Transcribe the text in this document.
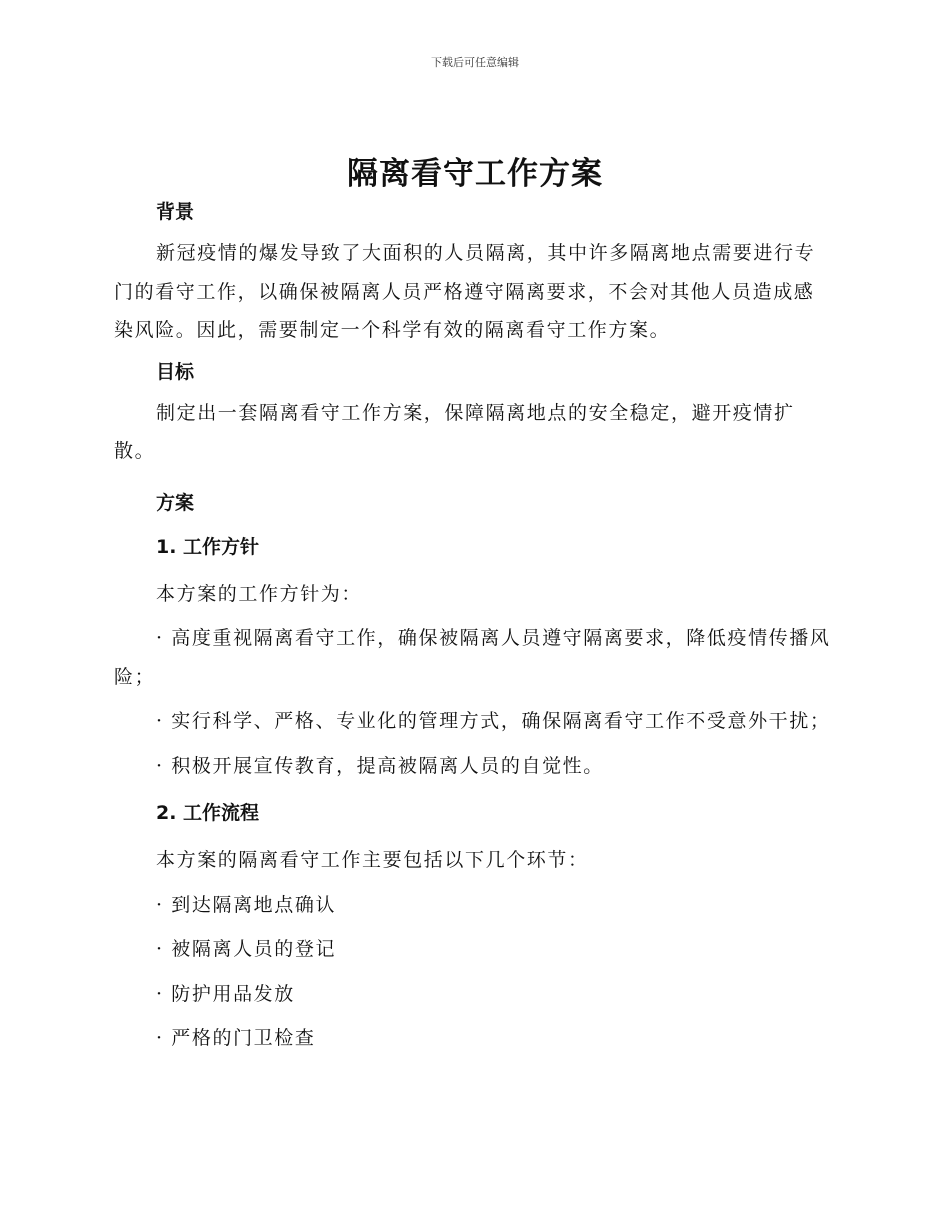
下载后可任意编辑
隔离看守工作方案
背景

新冠疫情的爆发导致了大面积的人员隔离，其中许多隔离地点需要进行专门的看守工作，以确保被隔离人员严格遵守隔离要求，不会对其他人员造成感染风险。因此，需要制定一个科学有效的隔离看守工作方案。

目标

制定出一套隔离看守工作方案，保障隔离地点的安全稳定，避开疫情扩散。

方案
1. 工作方针

本方案的工作方针为：

· 高度重视隔离看守工作，确保被隔离人员遵守隔离要求，降低疫情传播风险；

· 实行科学、严格、专业化的管理方式，确保隔离看守工作不受意外干扰；

· 积极开展宣传教育，提高被隔离人员的自觉性。

2. 工作流程

本方案的隔离看守工作主要包括以下几个环节：

· 到达隔离地点确认

· 被隔离人员的登记

· 防护用品发放

· 严格的门卫检查
